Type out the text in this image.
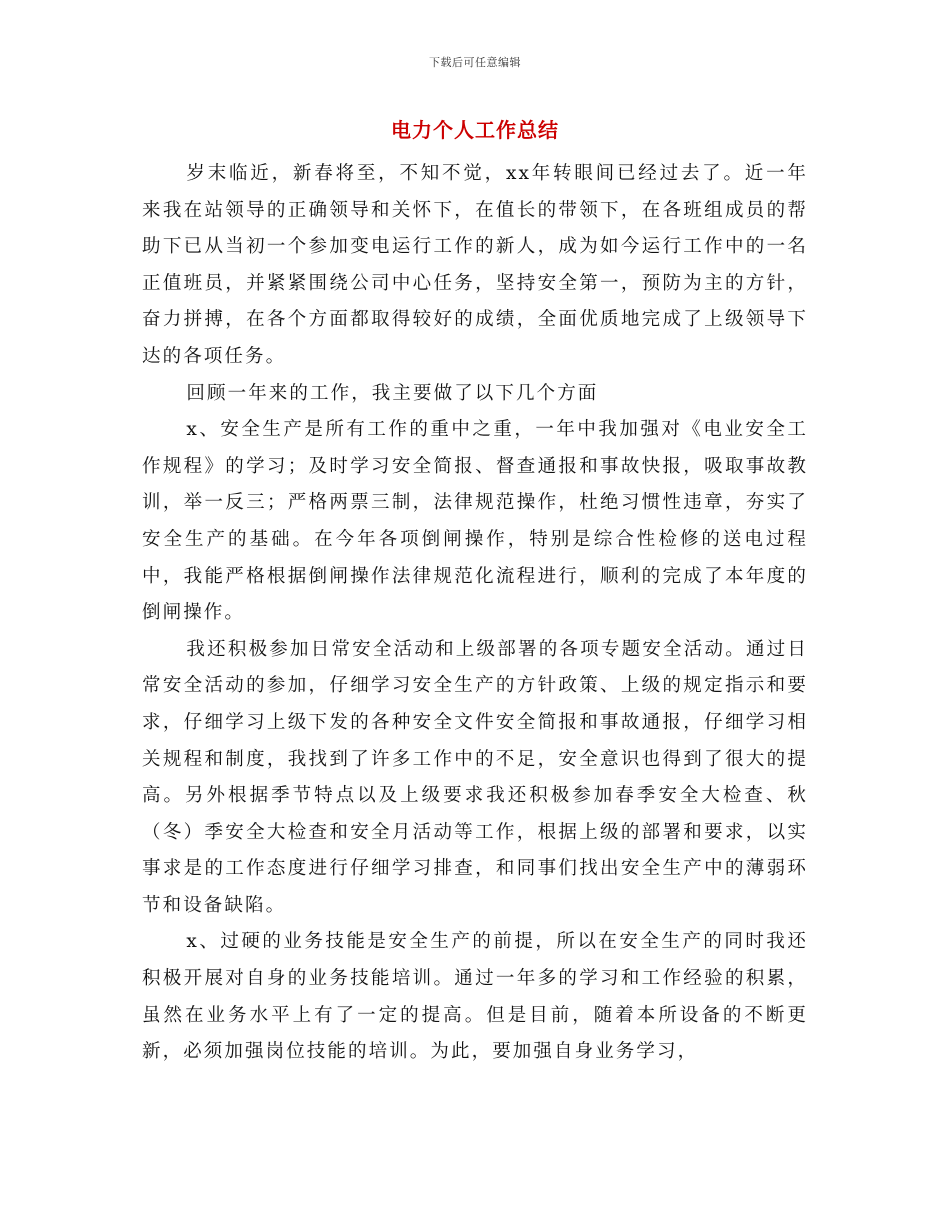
下载后可任意编辑
电力个人工作总结

岁末临近，新春将至，不知不觉，xx年转眼间已经过去了。近一年来我在站领导的正确领导和关怀下，在值长的带领下，在各班组成员的帮助下已从当初一个参加变电运行工作的新人，成为如今运行工作中的一名正值班员，并紧紧围绕公司中心任务，坚持安全第一，预防为主的方针，奋力拼搏，在各个方面都取得较好的成绩，全面优质地完成了上级领导下达的各项任务。

回顾一年来的工作，我主要做了以下几个方面

x、安全生产是所有工作的重中之重，一年中我加强对《电业安全工作规程》的学习；及时学习安全简报、督查通报和事故快报，吸取事故教训，举一反三；严格两票三制，法律规范操作，杜绝习惯性违章，夯实了安全生产的基础。在今年各项倒闸操作，特别是综合性检修的送电过程中，我能严格根据倒闸操作法律规范化流程进行，顺利的完成了本年度的倒闸操作。

我还积极参加日常安全活动和上级部署的各项专题安全活动。通过日常安全活动的参加，仔细学习安全生产的方针政策、上级的规定指示和要求，仔细学习上级下发的各种安全文件安全简报和事故通报，仔细学习相关规程和制度，我找到了许多工作中的不足，安全意识也得到了很大的提高。另外根据季节特点以及上级要求我还积极参加春季安全大检查、秋（冬）季安全大检查和安全月活动等工作，根据上级的部署和要求，以实事求是的工作态度进行仔细学习排查，和同事们找出安全生产中的薄弱环节和设备缺陷。

x、过硬的业务技能是安全生产的前提，所以在安全生产的同时我还积极开展对自身的业务技能培训。通过一年多的学习和工作经验的积累，虽然在业务水平上有了一定的提高。但是目前，随着本所设备的不断更新，必须加强岗位技能的培训。为此，要加强自身业务学习，
